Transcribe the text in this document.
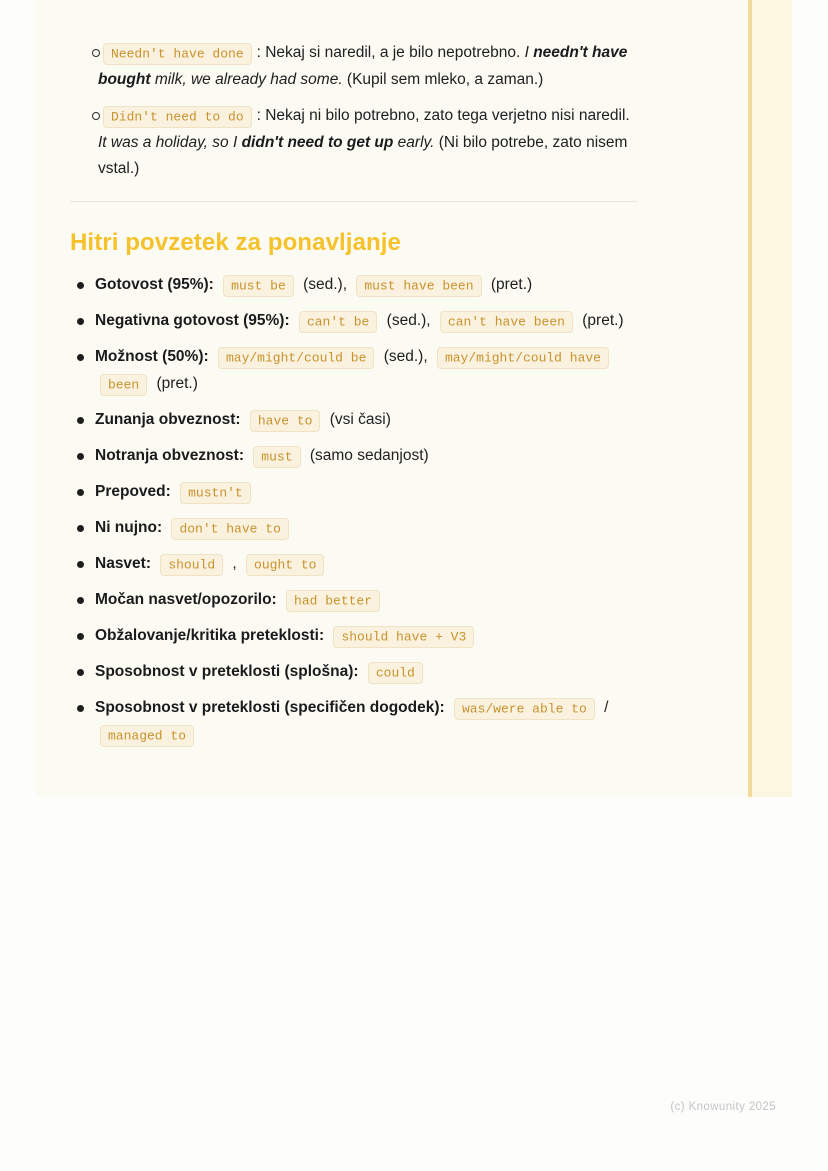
Needn't have done : Nekaj si naredil, a je bilo nepotrebno. I needn't have bought milk, we already had some. (Kupil sem mleko, a zaman.)
Didn't need to do : Nekaj ni bilo potrebno, zato tega verjetno nisi naredil. It was a holiday, so I didn't need to get up early. (Ni bilo potrebe, zato nisem vstal.)
Hitri povzetek za ponavljanje
Gotovost (95%): must be (sed.), must have been (pret.)
Negativna gotovost (95%): can't be (sed.), can't have been (pret.)
Možnost (50%): may/might/could be (sed.), may/might/could have been (pret.)
Zunanja obveznost: have to (vsi časi)
Notranja obveznost: must (samo sedanjost)
Prepoved: mustn't
Ni nujno: don't have to
Nasvet: should , ought to
Močan nasvet/opozorilo: had better
Obžalovanje/kritika preteklosti: should have + V3
Sposobnost v preteklosti (splošna): could
Sposobnost v preteklosti (specifičen dogodek): was/were able to / managed to
(c) Knowunity 2025
